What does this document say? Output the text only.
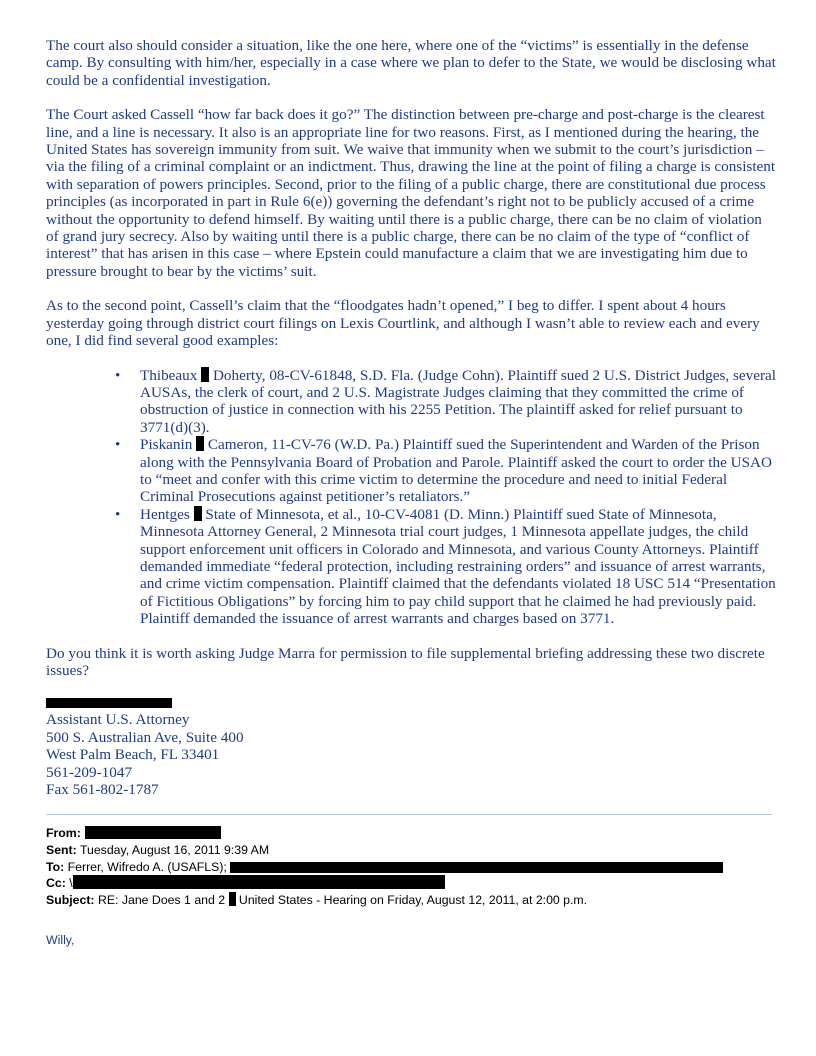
The court also should consider a situation, like the one here, where one of the “victims” is essentially in the defense camp. By consulting with him/her, especially in a case where we plan to defer to the State, we would be disclosing what could be a confidential investigation.

The Court asked Cassell “how far back does it go?” The distinction between pre-charge and post-charge is the clearest line, and a line is necessary. It also is an appropriate line for two reasons. First, as I mentioned during the hearing, the United States has sovereign immunity from suit. We waive that immunity when we submit to the court’s jurisdiction – via the filing of a criminal complaint or an indictment. Thus, drawing the line at the point of filing a charge is consistent with separation of powers principles. Second, prior to the filing of a public charge, there are constitutional due process principles (as incorporated in part in Rule 6(e)) governing the defendant’s right not to be publicly accused of a crime without the opportunity to defend himself. By waiting until there is a public charge, there can be no claim of violation of grand jury secrecy. Also by waiting until there is a public charge, there can be no claim of the type of “conflict of interest” that has arisen in this case – where Epstein could manufacture a claim that we are investigating him due to pressure brought to bear by the victims’ suit.

As to the second point, Cassell’s claim that the “floodgates hadn’t opened,” I beg to differ. I spent about 4 hours yesterday going through district court filings on Lexis Courtlink, and although I wasn’t able to review each and every one, I did find several good examples:

• Thibeaux  Doherty, 08-CV-61848, S.D. Fla. (Judge Cohn). Plaintiff sued 2 U.S. District Judges, several AUSAs, the clerk of court, and 2 U.S. Magistrate Judges claiming that they committed the crime of obstruction of justice in connection with his 2255 Petition. The plaintiff asked for relief pursuant to 3771(d)(3).
• Piskanin  Cameron, 11-CV-76 (W.D. Pa.) Plaintiff sued the Superintendent and Warden of the Prison along with the Pennsylvania Board of Probation and Parole. Plaintiff asked the court to order the USAO to “meet and confer with this crime victim to determine the procedure and need to initial Federal Criminal Prosecutions against petitioner’s retaliators.”
• Hentges  State of Minnesota, et al., 10-CV-4081 (D. Minn.) Plaintiff sued State of Minnesota, Minnesota Attorney General, 2 Minnesota trial court judges, 1 Minnesota appellate judges, the child support enforcement unit officers in Colorado and Minnesota, and various County Attorneys. Plaintiff demanded immediate “federal protection, including restraining orders” and issuance of arrest warrants, and crime victim compensation. Plaintiff claimed that the defendants violated 18 USC 514 “Presentation of Fictitious Obligations” by forcing him to pay child support that he claimed he had previously paid. Plaintiff demanded the issuance of arrest warrants and charges based on 3771.

Do you think it is worth asking Judge Marra for permission to file supplemental briefing addressing these two discrete issues?

Assistant U.S. Attorney
500 S. Australian Ave, Suite 400
West Palm Beach, FL 33401
561-209-1047
Fax 561-802-1787
From:
Sent: Tuesday, August 16, 2011 9:39 AM
To: Ferrer, Wifredo A. (USAFLS);
Cc: \
Subject: RE: Jane Does 1 and 2  United States - Hearing on Friday, August 12, 2011, at 2:00 p.m.
Willy,
